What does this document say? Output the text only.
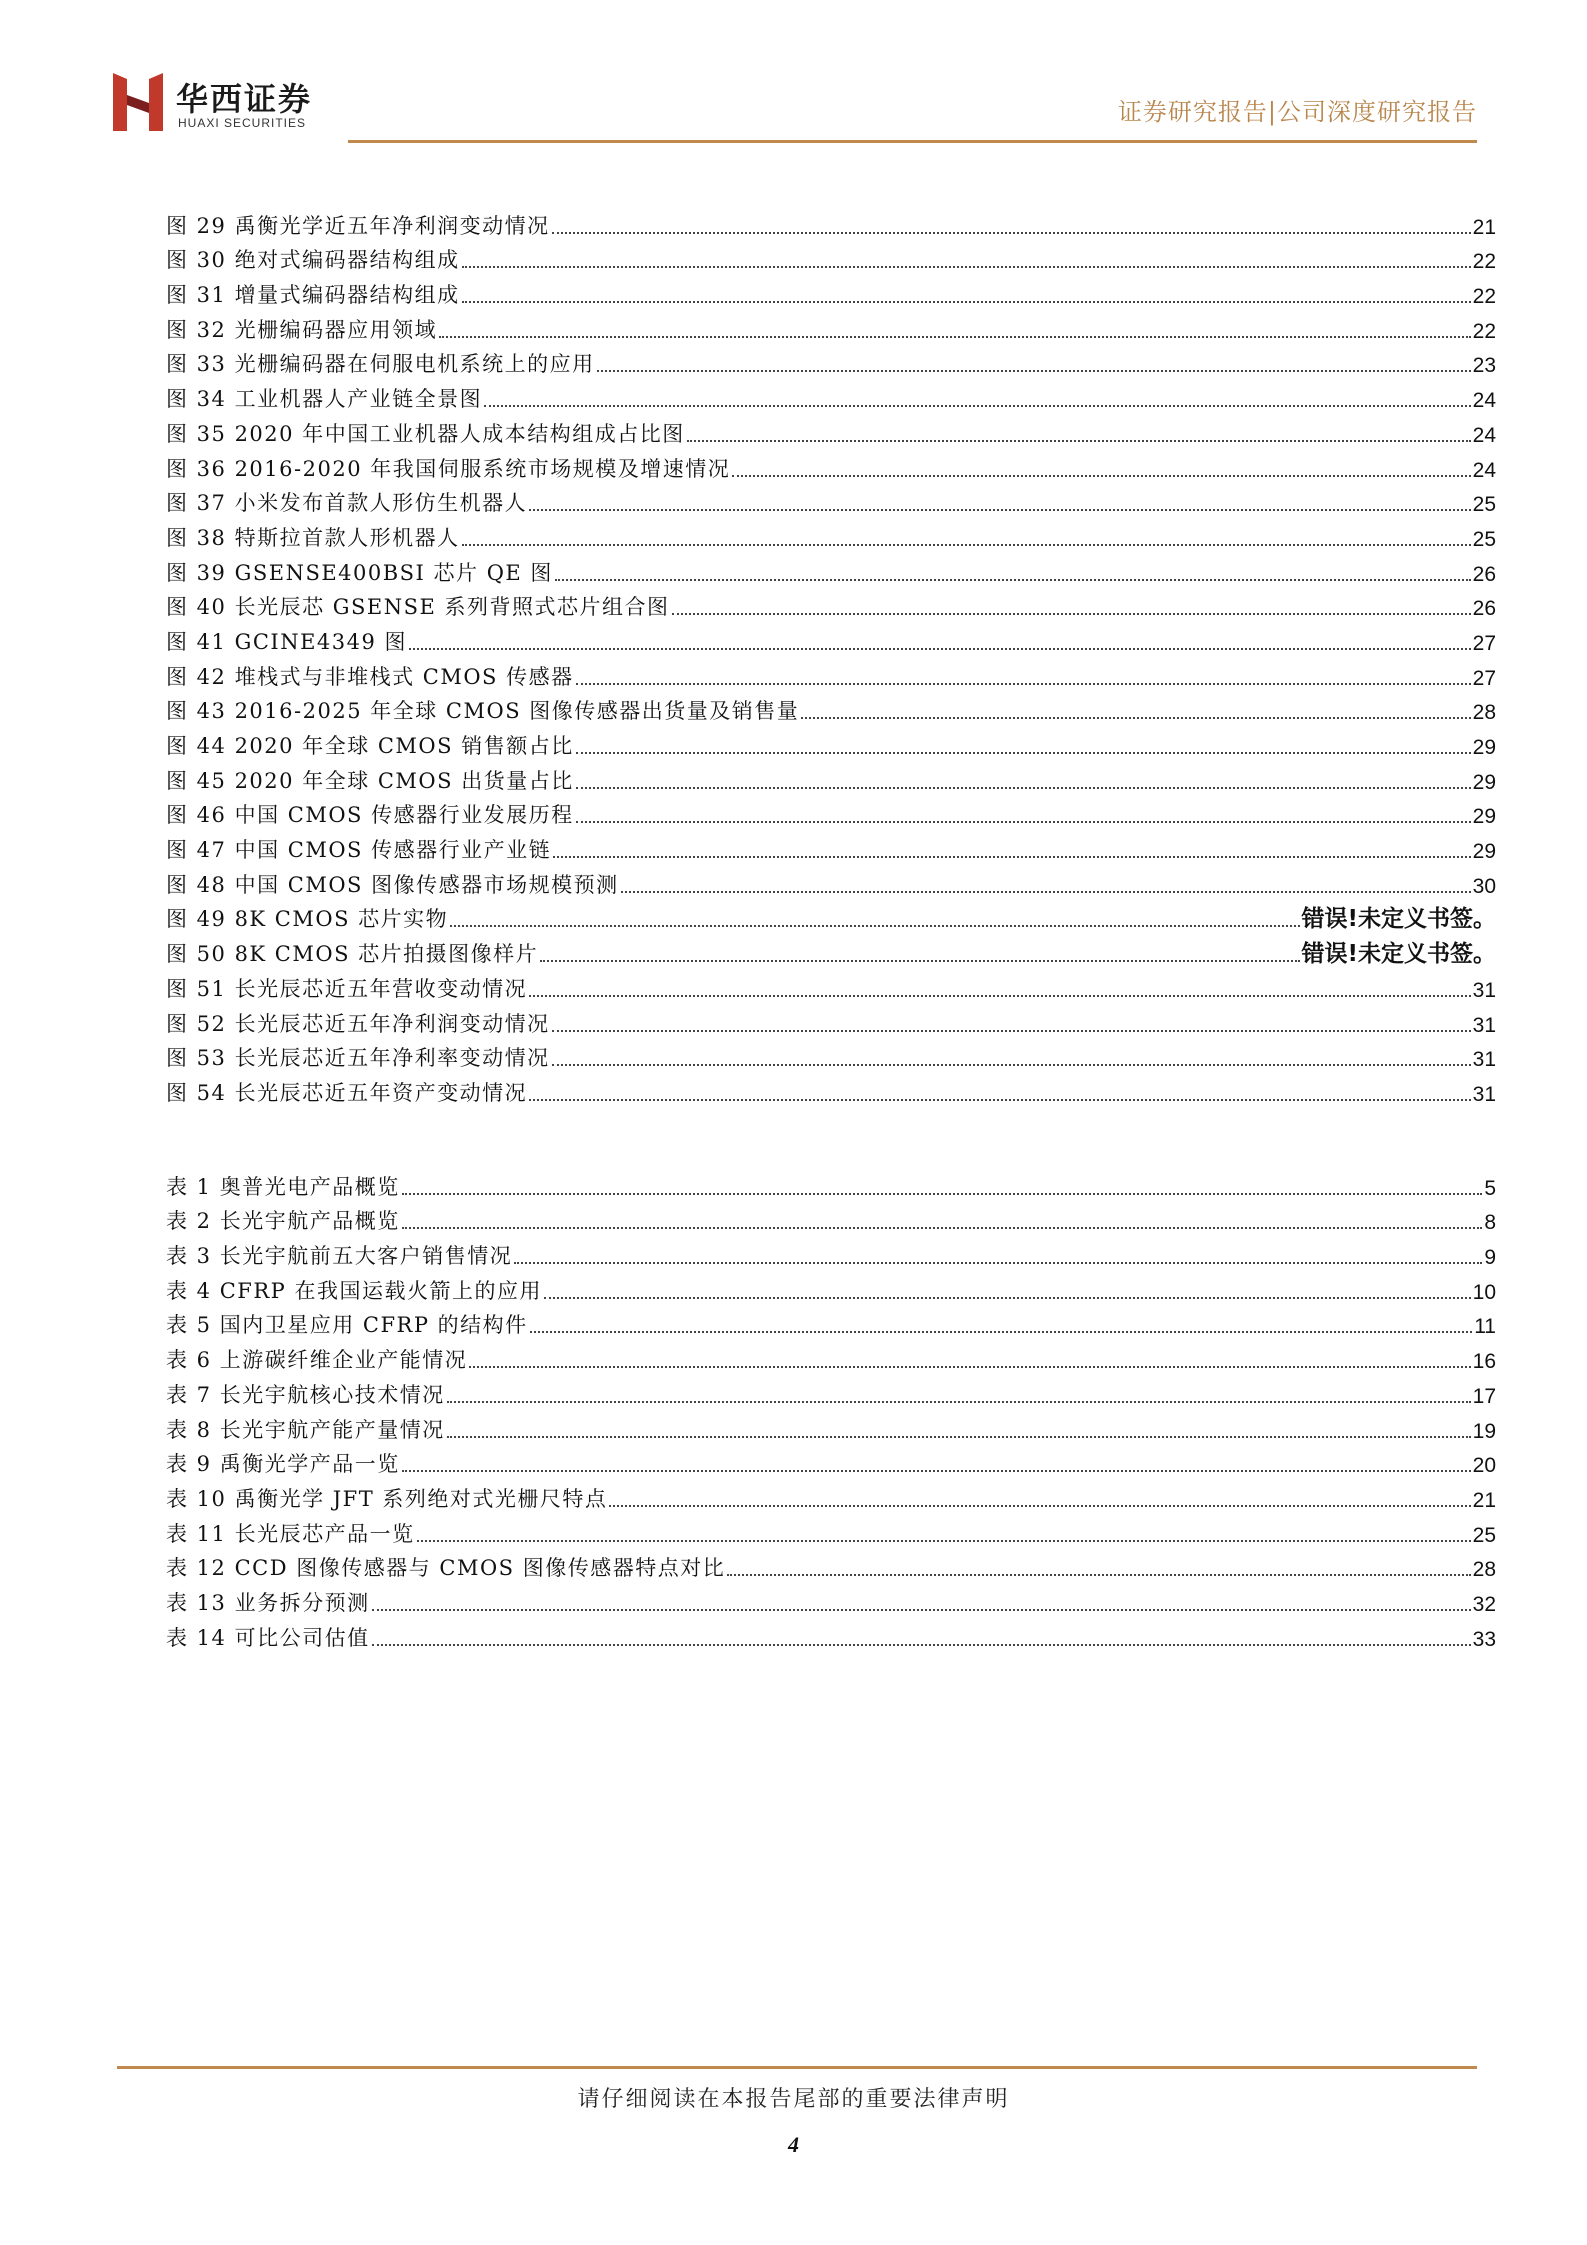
华西证券
HUAXI SECURITIES	证券研究报告|公司深度研究报告
图 29 禹衡光学近五年净利润变动情况	21
图 30 绝对式编码器结构组成	22
图 31 增量式编码器结构组成	22
图 32 光栅编码器应用领域	22
图 33 光栅编码器在伺服电机系统上的应用	23
图 34 工业机器人产业链全景图	24
图 35 2020 年中国工业机器人成本结构组成占比图	24
图 36 2016-2020 年我国伺服系统市场规模及增速情况	24
图 37 小米发布首款人形仿生机器人	25
图 38 特斯拉首款人形机器人	25
图 39 GSENSE400BSI 芯片 QE 图	26
图 40 长光辰芯 GSENSE 系列背照式芯片组合图	26
图 41 GCINE4349 图	27
图 42 堆栈式与非堆栈式 CMOS 传感器	27
图 43 2016-2025 年全球 CMOS 图像传感器出货量及销售量	28
图 44 2020 年全球 CMOS 销售额占比	29
图 45 2020 年全球 CMOS 出货量占比	29
图 46 中国 CMOS 传感器行业发展历程	29
图 47 中国 CMOS 传感器行业产业链	29
图 48 中国 CMOS 图像传感器市场规模预测	30
图 49 8K CMOS 芯片实物	错误!未定义书签。
图 50 8K CMOS 芯片拍摄图像样片	错误!未定义书签。
图 51 长光辰芯近五年营收变动情况	31
图 52 长光辰芯近五年净利润变动情况	31
图 53 长光辰芯近五年净利率变动情况	31
图 54 长光辰芯近五年资产变动情况	31
表 1 奥普光电产品概览	5
表 2 长光宇航产品概览	8
表 3 长光宇航前五大客户销售情况	9
表 4 CFRP 在我国运载火箭上的应用	10
表 5 国内卫星应用 CFRP 的结构件	11
表 6 上游碳纤维企业产能情况	16
表 7 长光宇航核心技术情况	17
表 8 长光宇航产能产量情况	19
表 9 禹衡光学产品一览	20
表 10 禹衡光学 JFT 系列绝对式光栅尺特点	21
表 11 长光辰芯产品一览	25
表 12 CCD 图像传感器与 CMOS 图像传感器特点对比	28
表 13 业务拆分预测	32
表 14 可比公司估值	33
请仔细阅读在本报告尾部的重要法律声明
4
